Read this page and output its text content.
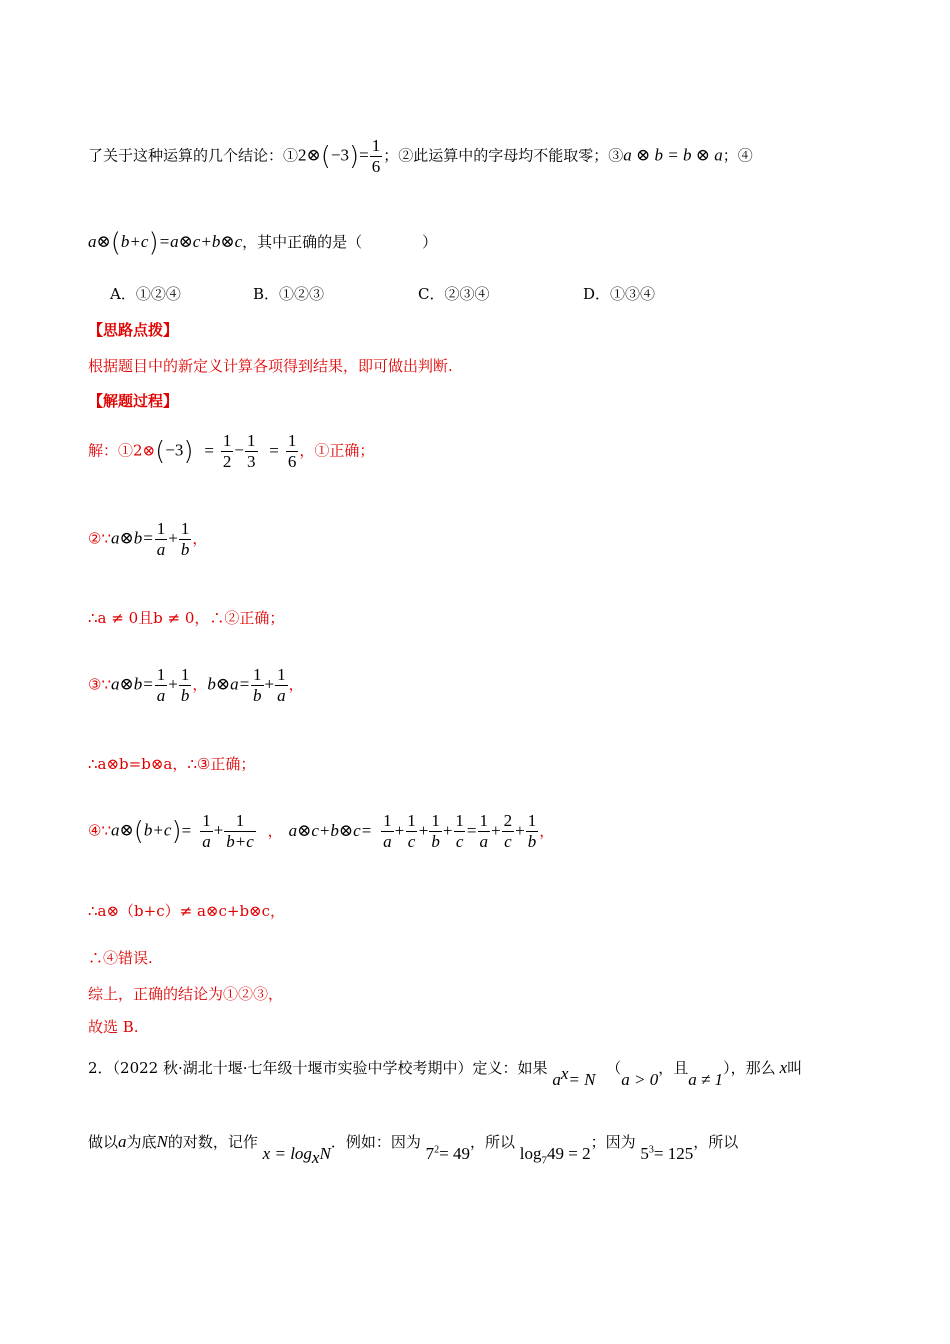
了关于这种运算的几个结论：①2⊗(−3)= $\frac{1}{6}$ ；②此运算中的字母均不能取零；③a ⊗ b = b ⊗ a；④
a⊗(b+c)=a⊗c+b⊗c，其中正确的是（　　　　）
A．①②④	B．①②③	C．②③④	D．①③④
【思路点拨】
根据题目中的新定义计算各项得到结果，即可做出判断.
【解题过程】
解：①2⊗(−3) = $\frac{1}{2} - \frac{1}{3} = \frac{1}{6}$ ，①正确；
②∵a⊗b= $\frac{1}{a} + \frac{1}{b}$ ，
∴a ≠ 0且b ≠ 0，∴②正确；
③∵a⊗b= $\frac{1}{a} + \frac{1}{b}$ ，b⊗a= $\frac{1}{b} + \frac{1}{a}$ ，
∴a⊗b=b⊗a，∴③正确；
④∵a⊗(b+c)= $\frac{1}{a} + \frac{1}{b+c}$ ， a⊗c+b⊗c= $\frac{1}{a} + \frac{1}{c} + \frac{1}{b} + \frac{1}{c} = \frac{1}{a} + \frac{2}{c} + \frac{1}{b}$ ，
∴a⊗（b+c）≠ a⊗c+b⊗c，
∴④错误.
综上，正确的结论为①②③，
故选 B.
2．（2022 秋·湖北十堰·七年级十堰市实验中学校考期中）定义：如果 $a^x= N$ （a > 0，且a ≠ 1），那么 x叫
做以a为底N的对数，记作 $x = \log_xN$．例如：因为 $7^2= 49$，所以 $\log_749 = 2$；因为 $5^3= 125$，所以
